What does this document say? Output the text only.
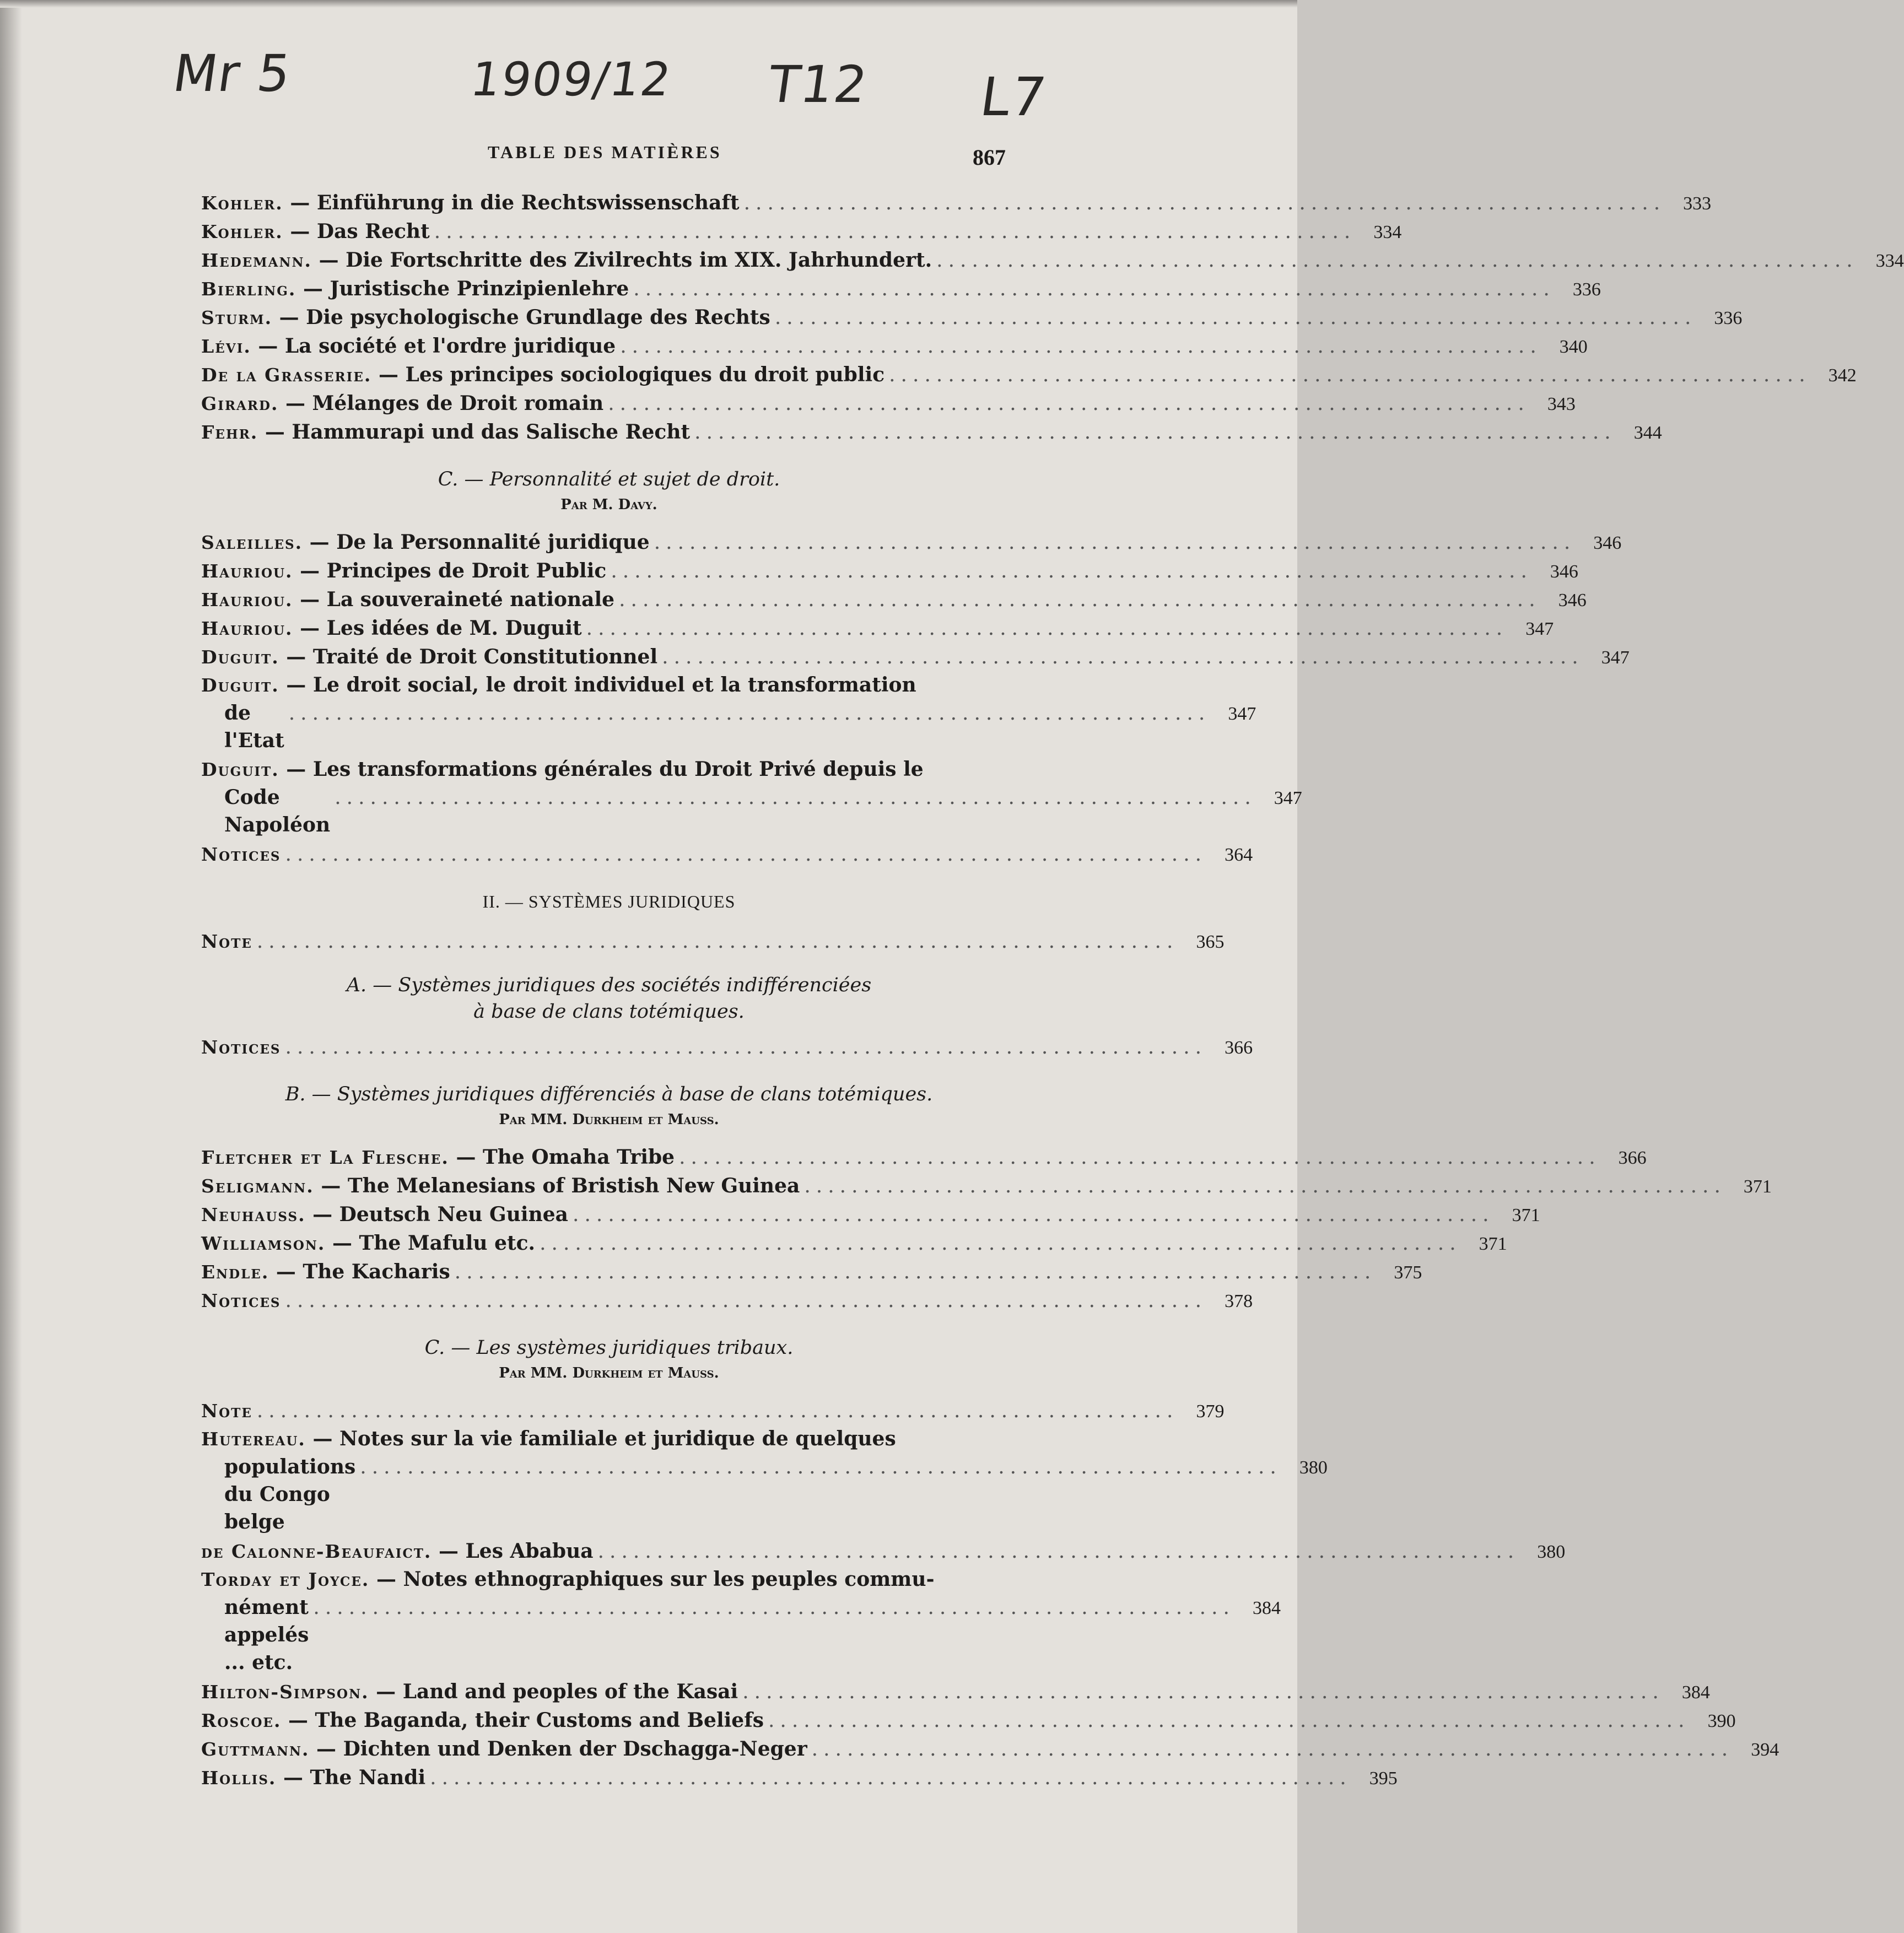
Mr 5	1909/12 T12 L7
TABLE DES MATIÈRES	867
Kohler. — Einführung in die Rechtswissenschaft .............................................................................. 333
Kohler. — Das Recht .............................................................................. 334
Hedemann. — Die Fortschritte des Zivilrechts im XIX. Jahrhundert. .............................................................................. 334
Bierling. — Juristische Prinzipienlehre .............................................................................. 336
Sturm. — Die psychologische Grundlage des Rechts .............................................................................. 336
Lévi. — La société et l'ordre juridique .............................................................................. 340
De la Grasserie. — Les principes sociologiques du droit public .............................................................................. 342
Girard. — Mélanges de Droit romain .............................................................................. 343
Fehr. — Hammurapi und das Salische Recht .............................................................................. 344
C. — Personnalité et sujet de droit.
Par M. Davy.
Saleilles. — De la Personnalité juridique .............................................................................. 346
Hauriou. — Principes de Droit Public .............................................................................. 346
Hauriou. — La souveraineté nationale .............................................................................. 346
Hauriou. — Les idées de M. Duguit .............................................................................. 347
Duguit. — Traité de Droit Constitutionnel .............................................................................. 347
Duguit. — Le droit social, le droit individuel et la transformation
de l'Etat
.............................................................................. 347
Duguit. — Les transformations générales du Droit Privé depuis le
Code Napoléon
.............................................................................. 347
Notices .............................................................................. 364
II. — SYSTÈMES JURIDIQUES
Note .............................................................................. 365
A. — Systèmes juridiques des sociétés indifférenciées
à base de clans totémiques.
Notices .............................................................................. 366
B. — Systèmes juridiques différenciés à base de clans totémiques.
Par MM. Durkheim et Mauss.
Fletcher et La Flesche. — The Omaha Tribe .............................................................................. 366
Seligmann. — The Melanesians of Bristish New Guinea .............................................................................. 371
Neuhauss. — Deutsch Neu Guinea .............................................................................. 371
Williamson. — The Mafulu etc. .............................................................................. 371
Endle. — The Kacharis .............................................................................. 375
Notices .............................................................................. 378
C. — Les systèmes juridiques tribaux.
Par MM. Durkheim et Mauss.
Note .............................................................................. 379
Hutereau. — Notes sur la vie familiale et juridique de quelques
populations du Congo belge
.............................................................................. 380
de Calonne-Beaufaict. — Les Ababua .............................................................................. 380
Torday et Joyce. — Notes ethnographiques sur les peuples commu-
nément appelés ... etc.
.............................................................................. 384
Hilton-Simpson. — Land and peoples of the Kasai .............................................................................. 384
Roscoe. — The Baganda, their Customs and Beliefs .............................................................................. 390
Guttmann. — Dichten und Denken der Dschagga-Neger .............................................................................. 394
Hollis. — The Nandi .............................................................................. 395
